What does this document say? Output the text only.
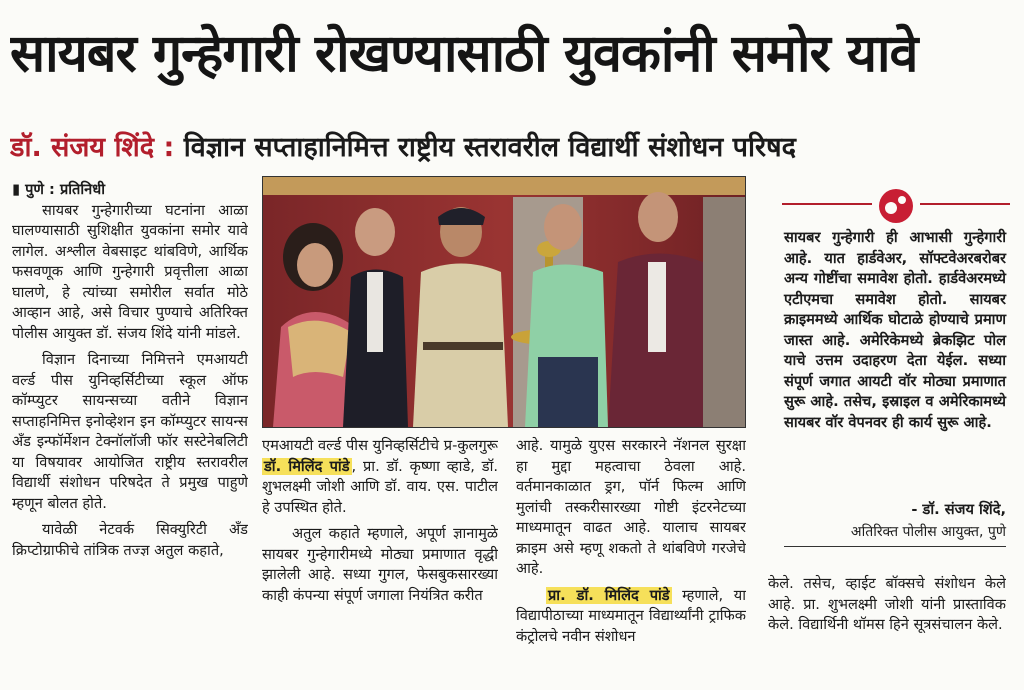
सायबर गुन्हेगारी रोखण्यासाठी युवकांनी समोर यावे
डॉ. संजय शिंदे : विज्ञान सप्ताहानिमित्त राष्ट्रीय स्तरावरील विद्यार्थी संशोधन परिषद

▮ पुणे : प्रतिनिधी

सायबर गुन्हेगारीच्या घटनांना आळा घालण्यासाठी सुशिक्षीत युवकांना समोर यावे लागेल. अश्लील वेबसाइट थांबविणे, आर्थिक फसवणूक आणि गुन्हेगारी प्रवृत्तीला आळा घालणे, हे त्यांच्या समोरील सर्वात मोठे आव्हान आहे, असे विचार पुण्याचे अतिरिक्त पोलीस आयुक्त डॉ. संजय शिंदे यांनी मांडले.

विज्ञान दिनाच्या निमित्तने एमआयटी वर्ल्ड पीस युनिव्हर्सिटीच्या स्कूल ऑफ कॉम्प्युटर सायन्सच्या वतीने विज्ञान सप्ताहनिमित्त इनोव्हेशन इन कॉम्प्युटर सायन्स अँड इन्फॉर्मेशन टेक्नॉलॉजी फॉर सस्टेनेबलिटी या विषयावर आयोजित राष्ट्रीय स्तरावरील विद्यार्थी संशोधन परिषदेत ते प्रमुख पाहुणे म्हणून बोलत होते.

यावेळी नेटवर्क सिक्युरिटी अँड क्रिप्टोग्राफीचे तांत्रिक तज्ज्ञ अतुल कहाते,

एमआयटी वर्ल्ड पीस युनिव्हर्सिटीचे प्र-कुलगुरू डॉ. मिलिंद पांडे , प्रा. डॉ. कृष्णा व्हाडे, डॉ. शुभलक्ष्मी जोशी आणि डॉ. वाय. एस. पाटील हे उपस्थित होते.

अतुल कहाते म्हणाले, अपूर्ण ज्ञानामुळे सायबर गुन्हेगारीमध्ये मोठ्या प्रमाणात वृद्धी झालेली आहे. सध्या गुगल, फेसबुकसारख्या काही कंपन्या संपूर्ण जगाला नियंत्रित करीत

आहे. यामुळे युएस सरकारने नॅशनल सुरक्षा हा मुद्दा महत्वाचा ठेवला आहे. वर्तमानकाळात ड्रग, पॉर्न फिल्म आणि मुलांची तस्करीसारख्या गोष्टी इंटरनेटच्या माध्यमातून वाढत आहे. यालाच सायबर क्राइम असे म्हणू शकतो ते थांबविणे गरजेचे आहे.

प्रा. डॉ. मिलिंद पांडे म्हणाले, या विद्यापीठाच्या माध्यमातून विद्यार्थ्यांनी ट्राफिक कंट्रोलचे नवीन संशोधन

सायबर गुन्हेगारी ही आभासी गुन्हेगारी आहे. यात हार्डवेअर, सॉफ्टवेअरबरोबर अन्य गोष्टींचा समावेश होतो. हार्डवेअरमध्ये एटीएमचा समावेश होतो. सायबर क्राइममध्ये आर्थिक घोटाळे होण्याचे प्रमाण जास्त आहे. अमेरिकेमध्ये ब्रेकझिट पोल याचे उत्तम उदाहरण देता येईल. सध्या संपूर्ण जगात आयटी वॉर मोठ्या प्रमाणात सुरू आहे. तसेच, इस्राइल व अमेरिकामध्ये सायबर वॉर वेपनवर ही कार्य सुरू आहे.
- डॉ. संजय शिंदे,
अतिरिक्त पोलीस आयुक्त, पुणे

केले. तसेच, व्हाईट बॉक्सचे संशोधन केले आहे. प्रा. शुभलक्ष्मी जोशी यांनी प्रास्ताविक केले. विद्यार्थिनी थॉमस हिने सूत्रसंचालन केले.
